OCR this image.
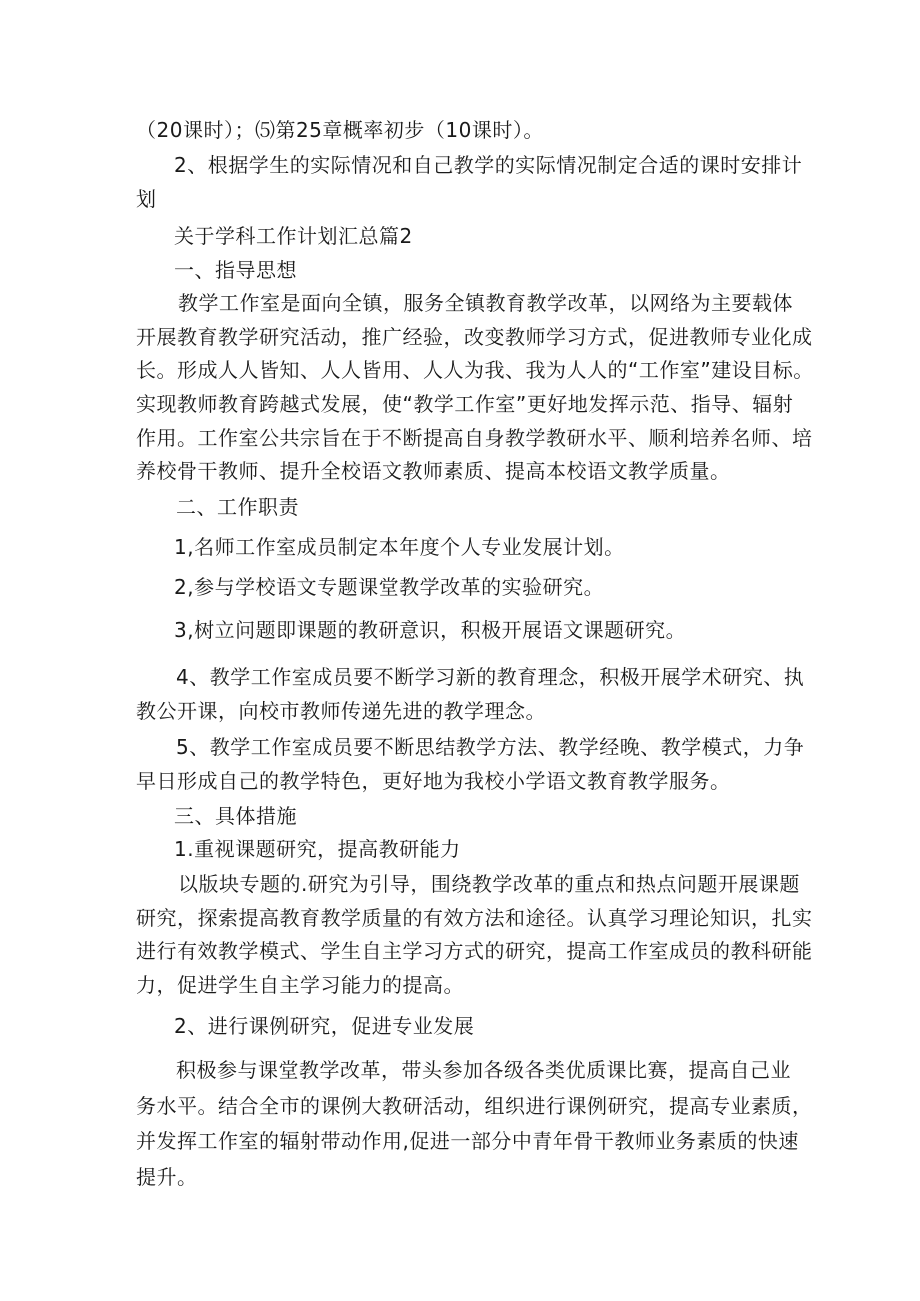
（20课时）；⑸第25章概率初步（10课时）。
2、根据学生的实际情况和自己教学的实际情况制定合适的课时安排计
划
关于学科工作计划汇总篇2
一、指导思想
教学工作室是面向全镇，服务全镇教育教学改革，以网络为主要载体
开展教育教学研究活动，推广经验，改变教师学习方式，促进教师专业化成
长。形成人人皆知、人人皆用、人人为我、我为人人的“工作室”建设目标。
实现教师教育跨越式发展，使“教学工作室”更好地发挥示范、指导、辐射
作用。工作室公共宗旨在于不断提高自身教学教研水平、顺利培养名师、培
养校骨干教师、提升全校语文教师素质、提高本校语文教学质量。
二、工作职责
1,名师工作室成员制定本年度个人专业发展计划。
2,参与学校语文专题课堂教学改革的实验研究。
3,树立问题即课题的教研意识，积极开展语文课题研究。
4、教学工作室成员要不断学习新的教育理念，积极开展学术研究、执
教公开课，向校市教师传递先进的教学理念。
5、教学工作室成员要不断思结教学方法、教学经晚、教学模式，力争
早日形成自己的教学特色，更好地为我校小学语文教育教学服务。
三、具体措施
1.重视课题研究，提高教研能力
以版块专题的.研究为引导，围绕教学改革的重点和热点问题开展课题
研究，探索提高教育教学质量的有效方法和途径。认真学习理论知识，扎实
进行有效教学模式、学生自主学习方式的研究，提高工作室成员的教科研能
力，促进学生自主学习能力的提高。
2、进行课例研究，促进专业发展
积极参与课堂教学改革，带头参加各级各类优质课比赛，提高自己业
务水平。结合全市的课例大教研活动，组织进行课例研究，提高专业素质，
并发挥工作室的辐射带动作用,促进一部分中青年骨干教师业务素质的快速
提升。
